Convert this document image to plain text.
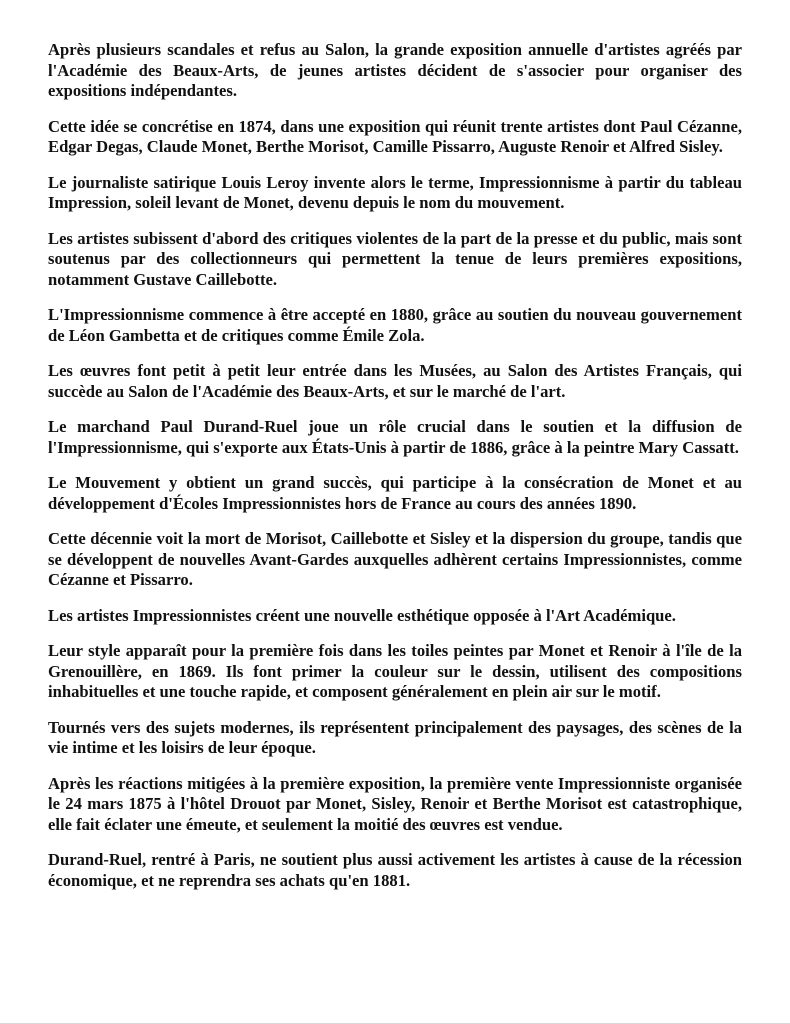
Après plusieurs scandales et refus au Salon, la grande exposition annuelle d'artistes agréés par l'Académie des Beaux-Arts, de jeunes artistes décident de s'associer pour organiser des expositions indépendantes.

Cette idée se concrétise en 1874, dans une exposition qui réunit trente artistes dont Paul Cézanne, Edgar Degas, Claude Monet, Berthe Morisot, Camille Pissarro, Auguste Renoir et Alfred Sisley.

Le journaliste satirique Louis Leroy invente alors le terme, Impressionnisme à partir du tableau Impression, soleil levant de Monet, devenu depuis le nom du mouvement.

Les artistes subissent d'abord des critiques violentes de la part de la presse et du public, mais sont soutenus par des collectionneurs qui permettent la tenue de leurs premières expositions, notamment Gustave Caillebotte.

L'Impressionnisme commence à être accepté en 1880, grâce au soutien du nouveau gouvernement de Léon Gambetta et de critiques comme Émile Zola.

Les œuvres font petit à petit leur entrée dans les Musées, au Salon des Artistes Français, qui succède au Salon de l'Académie des Beaux-Arts, et sur le marché de l'art.

Le marchand Paul Durand-Ruel joue un rôle crucial dans le soutien et la diffusion de l'Impressionnisme, qui s'exporte aux États-Unis à partir de 1886, grâce à la peintre Mary Cassatt.

Le Mouvement y obtient un grand succès, qui participe à la consécration de Monet et au développement d'Écoles Impressionnistes hors de France au cours des années 1890.

Cette décennie voit la mort de Morisot, Caillebotte et Sisley et la dispersion du groupe, tandis que se développent de nouvelles Avant-Gardes auxquelles adhèrent certains Impressionnistes, comme Cézanne et Pissarro.

Les artistes Impressionnistes créent une nouvelle esthétique opposée à l'Art Académique.

Leur style apparaît pour la première fois dans les toiles peintes par Monet et Renoir à l'île de la Grenouillère, en 1869. Ils font primer la couleur sur le dessin, utilisent des compositions inhabituelles et une touche rapide, et composent généralement en plein air sur le motif.

Tournés vers des sujets modernes, ils représentent principalement des paysages, des scènes de la vie intime et les loisirs de leur époque.

Après les réactions mitigées à la première exposition, la première vente Impressionniste organisée le 24 mars 1875 à l'hôtel Drouot par Monet, Sisley, Renoir et Berthe Morisot est catastrophique, elle fait éclater une émeute, et seulement la moitié des œuvres est vendue.

Durand-Ruel, rentré à Paris, ne soutient plus aussi activement les artistes à cause de la récession économique, et ne reprendra ses achats qu'en 1881.
